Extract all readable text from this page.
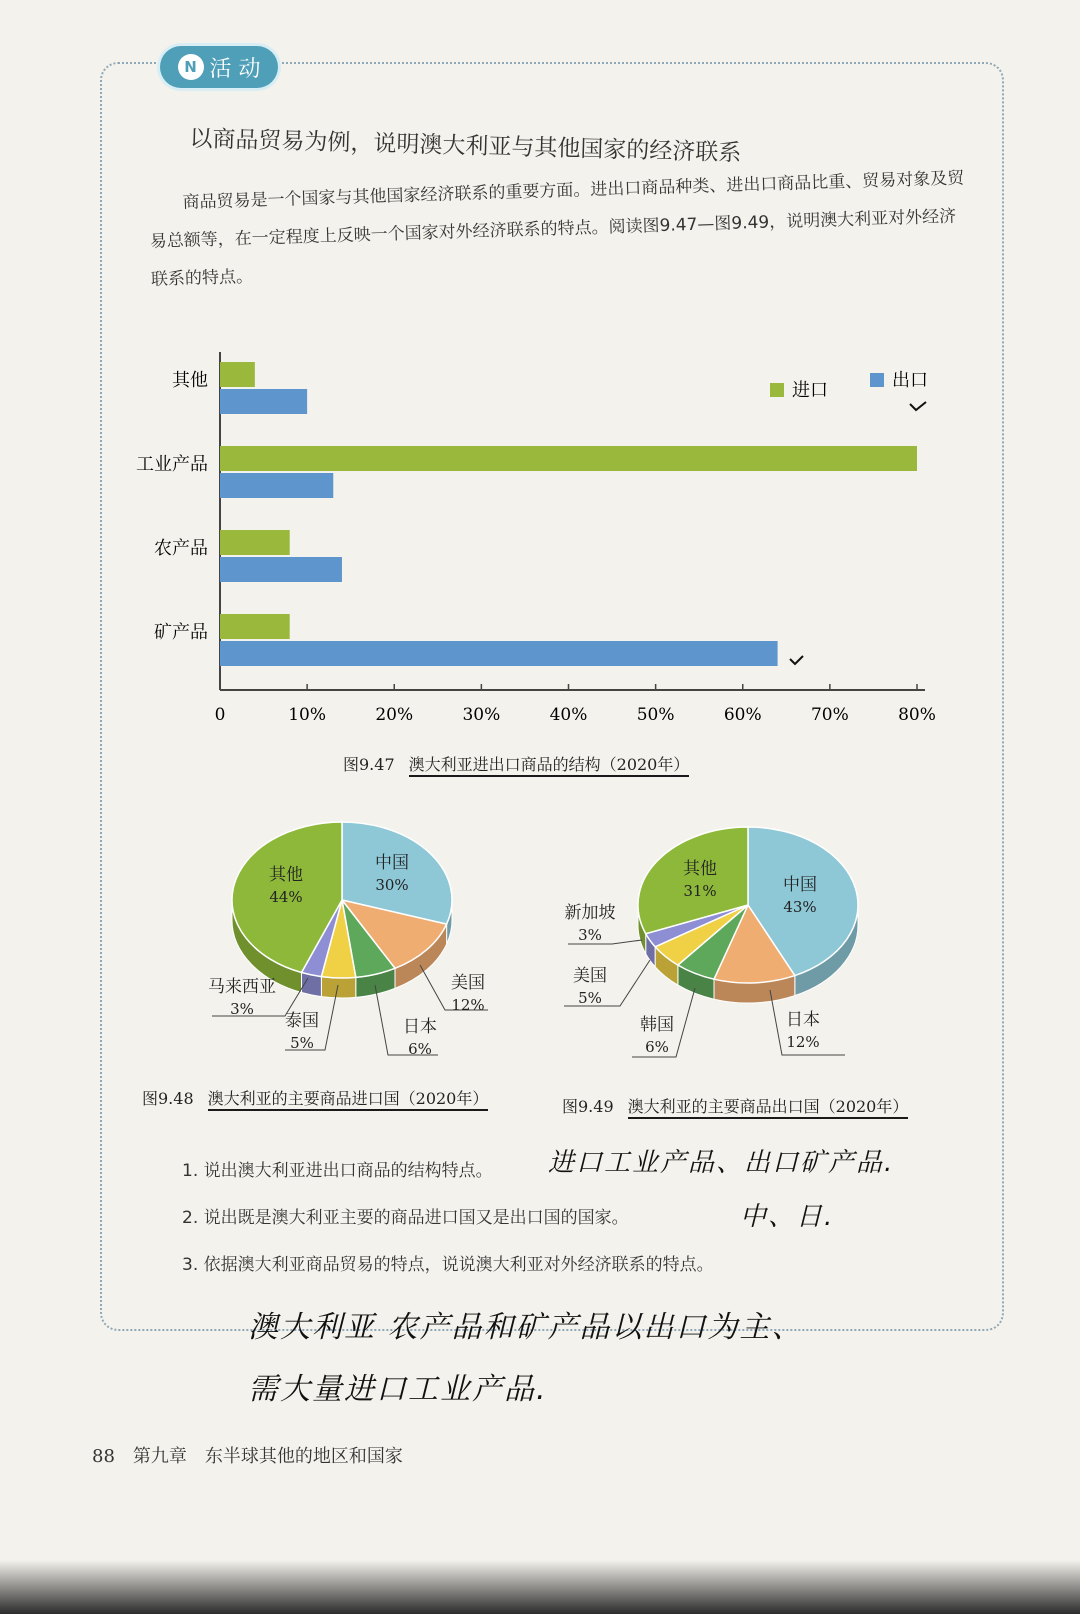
N 活 动
以商品贸易为例，说明澳大利亚与其他国家的经济联系
商品贸易是一个国家与其他国家经济联系的重要方面。进出口商品种类、进出口商品比重、贸易对象及贸易总额等，在一定程度上反映一个国家对外经济联系的特点。阅读图9.47—图9.49，说明澳大利亚对外经济联系的特点。
其他
工业产品
农产品
矿产品
0	10%	20%	30%	40%	50%	60%	70%	80%
进口	出口
图9.47 澳大利亚进出口商品的结构（2020年）
中国
30%
美国
12%
日本
6%
泰国
5%
马来西亚
3%
其他
44%
中国
43%
日本
12%
韩国
6%
美国
5%
新加坡
3%
其他
31%
图9.48 澳大利亚的主要商品进口国（2020年）	图9.49 澳大利亚的主要商品出口国（2020年）
1. 说出澳大利亚进出口商品的结构特点。 进口工业产品、出口矿产品.
2. 说出既是澳大利亚主要的商品进口国又是出口国的国家。	中、日.
3. 依据澳大利亚商品贸易的特点，说说澳大利亚对外经济联系的特点。
澳大利亚 农产品和矿产品以出口为主、
需大量进口工业产品.
88 第九章 东半球其他的地区和国家
